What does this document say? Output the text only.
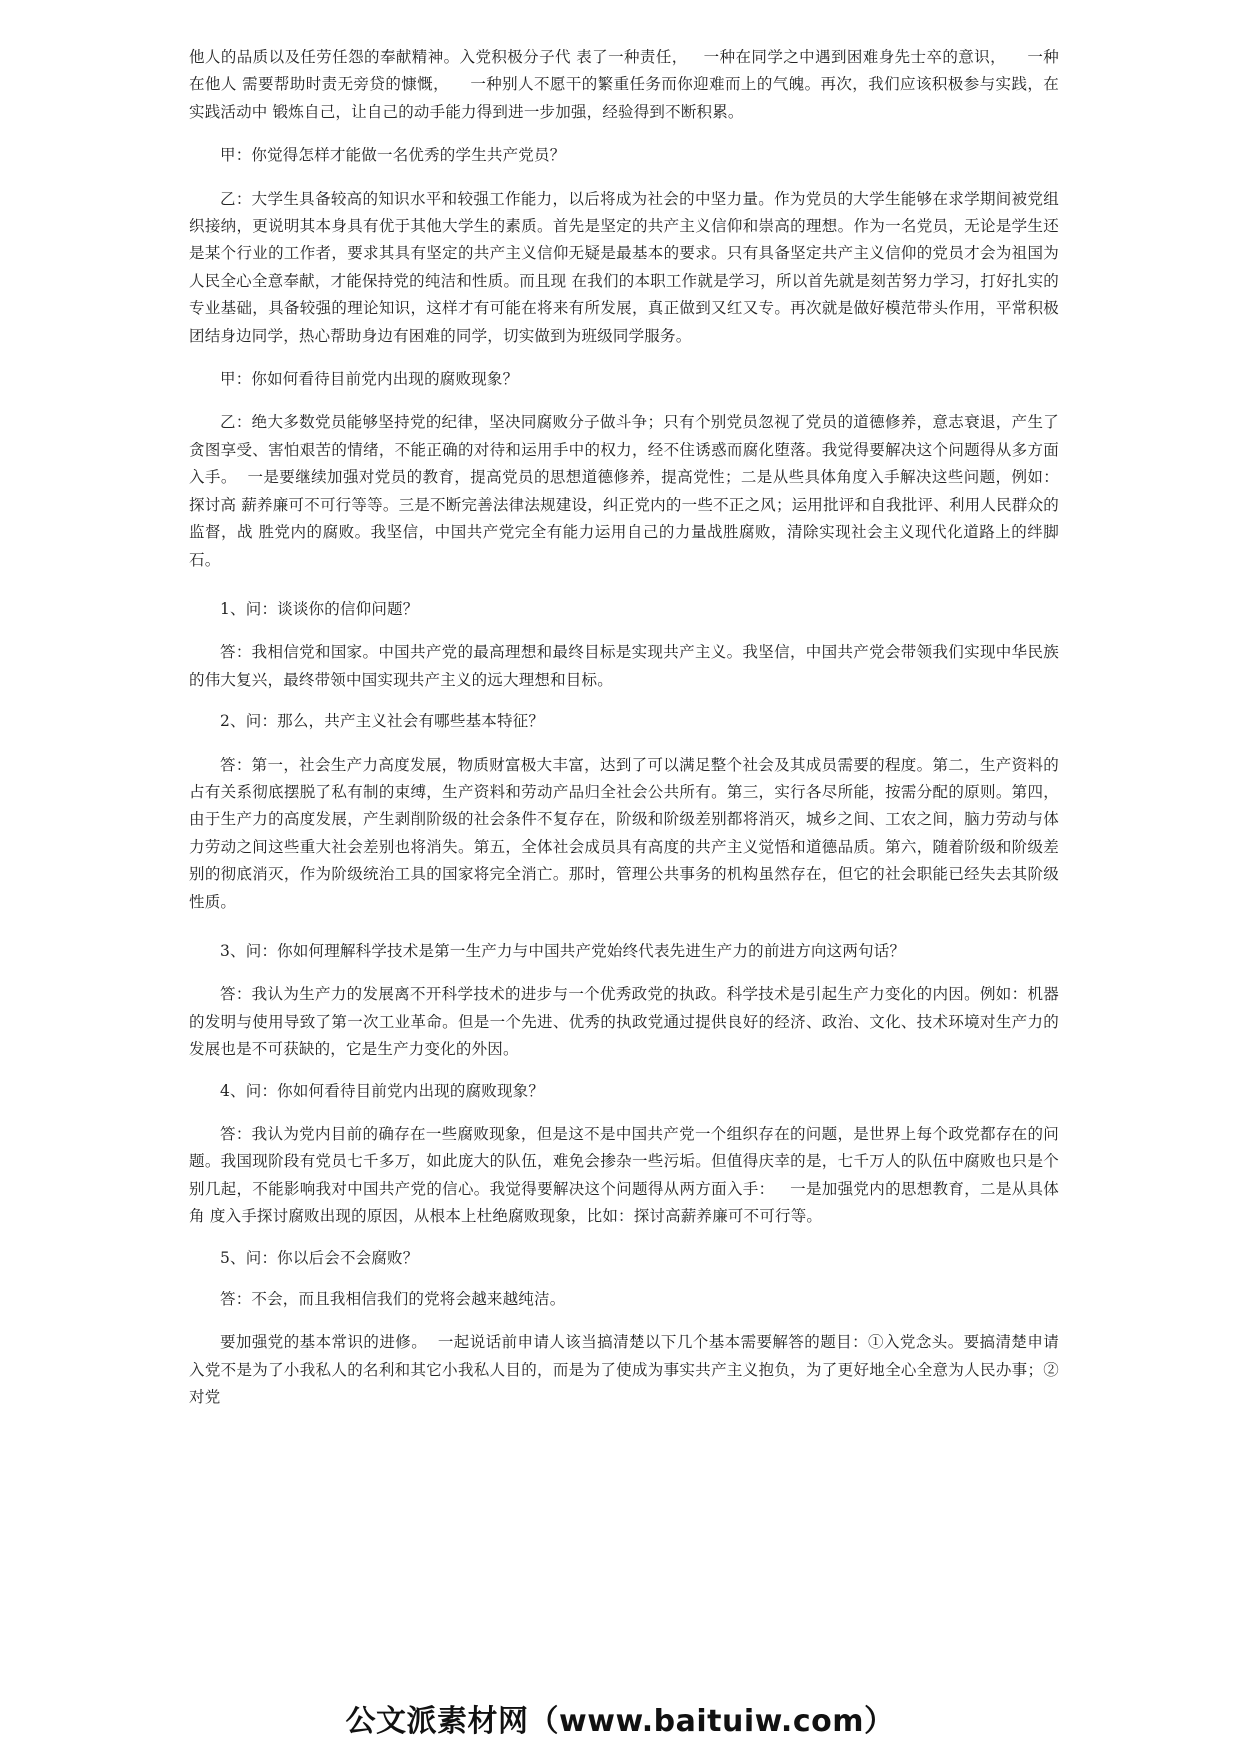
他人的品质以及任劳任怨的奉献精神。入党积极分子代 表了一种责任，   一种在同学之中遇到困难身先士卒的意识，    一种在他人 需要帮助时责无旁贷的慷慨，    一种别人不愿干的繁重任务而你迎难而上的气魄。再次，我们应该积极参与实践，在实践活动中 锻炼自己，让自己的动手能力得到进一步加强，经验得到不断积累。

甲：你觉得怎样才能做一名优秀的学生共产党员？

乙：大学生具备较高的知识水平和较强工作能力，以后将成为社会的中坚力量。作为党员的大学生能够在求学期间被党组织接纳，更说明其本身具有优于其他大学生的素质。首先是坚定的共产主义信仰和崇高的理想。作为一名党员，无论是学生还是某个行业的工作者，要求其具有坚定的共产主义信仰无疑是最基本的要求。只有具备坚定共产主义信仰的党员才会为祖国为人民全心全意奉献，才能保持党的纯洁和性质。而且现 在我们的本职工作就是学习，所以首先就是刻苦努力学习，打好扎实的 专业基础，具备较强的理论知识，这样才有可能在将来有所发展，真正做到又红又专。再次就是做好模范带头作用，平常积极 团结身边同学，热心帮助身边有困难的同学，切实做到为班级同学服务。

甲：你如何看待目前党内出现的腐败现象？

乙：绝大多数党员能够坚持党的纪律，坚决同腐败分子做斗争；只有个别党员忽视了党员的道德修养，意志衰退，产生了贪图享受、害怕艰苦的情绪，不能正确的对待和运用手中的权力，经不住诱惑而腐化堕落。我觉得要解决这个问题得从多方面 入手。  一是要继续加强对党员的教育，提高党员的思想道德修养，提高党性；二是从些具体角度入手解决这些问题，例如：探讨高 薪养廉可不可行等等。三是不断完善法律法规建设，纠正党内的一些不正之风；运用批评和自我批评、利用人民群众的监督，战 胜党内的腐败。我坚信，中国共产党完全有能力运用自己的力量战胜腐败，清除实现社会主义现代化道路上的绊脚石。

1、问：谈谈你的信仰问题？

答：我相信党和国家。中国共产党的最高理想和最终目标是实现共产主义。我坚信，中国共产党会带领我们实现中华民族 的伟大复兴，最终带领中国实现共产主义的远大理想和目标。

2、问：那么，共产主义社会有哪些基本特征？

答：第一，社会生产力高度发展，物质财富极大丰富，达到了可以满足整个社会及其成员需要的程度。第二，生产资料的 占有关系彻底摆脱了私有制的束缚，生产资料和劳动产品归全社会公共所有。第三，实行各尽所能，按需分配的原则。第四，  由于生产力的高度发展，产生剥削阶级的社会条件不复存在，阶级和阶级差别都将消灭，城乡之间、工农之间，脑力劳动与体 力劳动之间这些重大社会差别也将消失。第五，全体社会成员具有高度的共产主义觉悟和道德品质。第六，随着阶级和阶级差 别的彻底消灭，作为阶级统治工具的国家将完全消亡。那时，管理公共事务的机构虽然存在，但它的社会职能已经失去其阶级 性质。

3、问：你如何理解科学技术是第一生产力与中国共产党始终代表先进生产力的前进方向这两句话？

答：我认为生产力的发展离不开科学技术的进步与一个优秀政党的执政。科学技术是引起生产力变化的内因。例如：机器 的发明与使用导致了第一次工业革命。但是一个先进、优秀的执政党通过提供良好的经济、政治、文化、技术环境对生产力的 发展也是不可获缺的，它是生产力变化的外因。

4、问：你如何看待目前党内出现的腐败现象？

答：我认为党内目前的确存在一些腐败现象，但是这不是中国共产党一个组织存在的问题，是世界上每个政党都存在的问题。我国现阶段有党员七千多万，如此庞大的队伍，难免会掺杂一些污垢。但值得庆幸的是，七千万人的队伍中腐败也只是个别几起，不能影响我对中国共产党的信心。我觉得要解决这个问题得从两方面入手：   一是加强党内的思想教育，二是从具体角 度入手探讨腐败出现的原因，从根本上杜绝腐败现象，比如：探讨高薪养廉可不可行等。

5、问：你以后会不会腐败？

答：不会，而且我相信我们的党将会越来越纯洁。

要加强党的基本常识的进修。  一起说话前申请人该当搞清楚以下几个基本需要解答的题目：①入党念头。要搞清楚申请入党不是为了小我私人的名利和其它小我私人目的，而是为了使成为事实共产主义抱负，为了更好地全心全意为人民办事；②对党

公文派素材网（www.baituiw.com）
